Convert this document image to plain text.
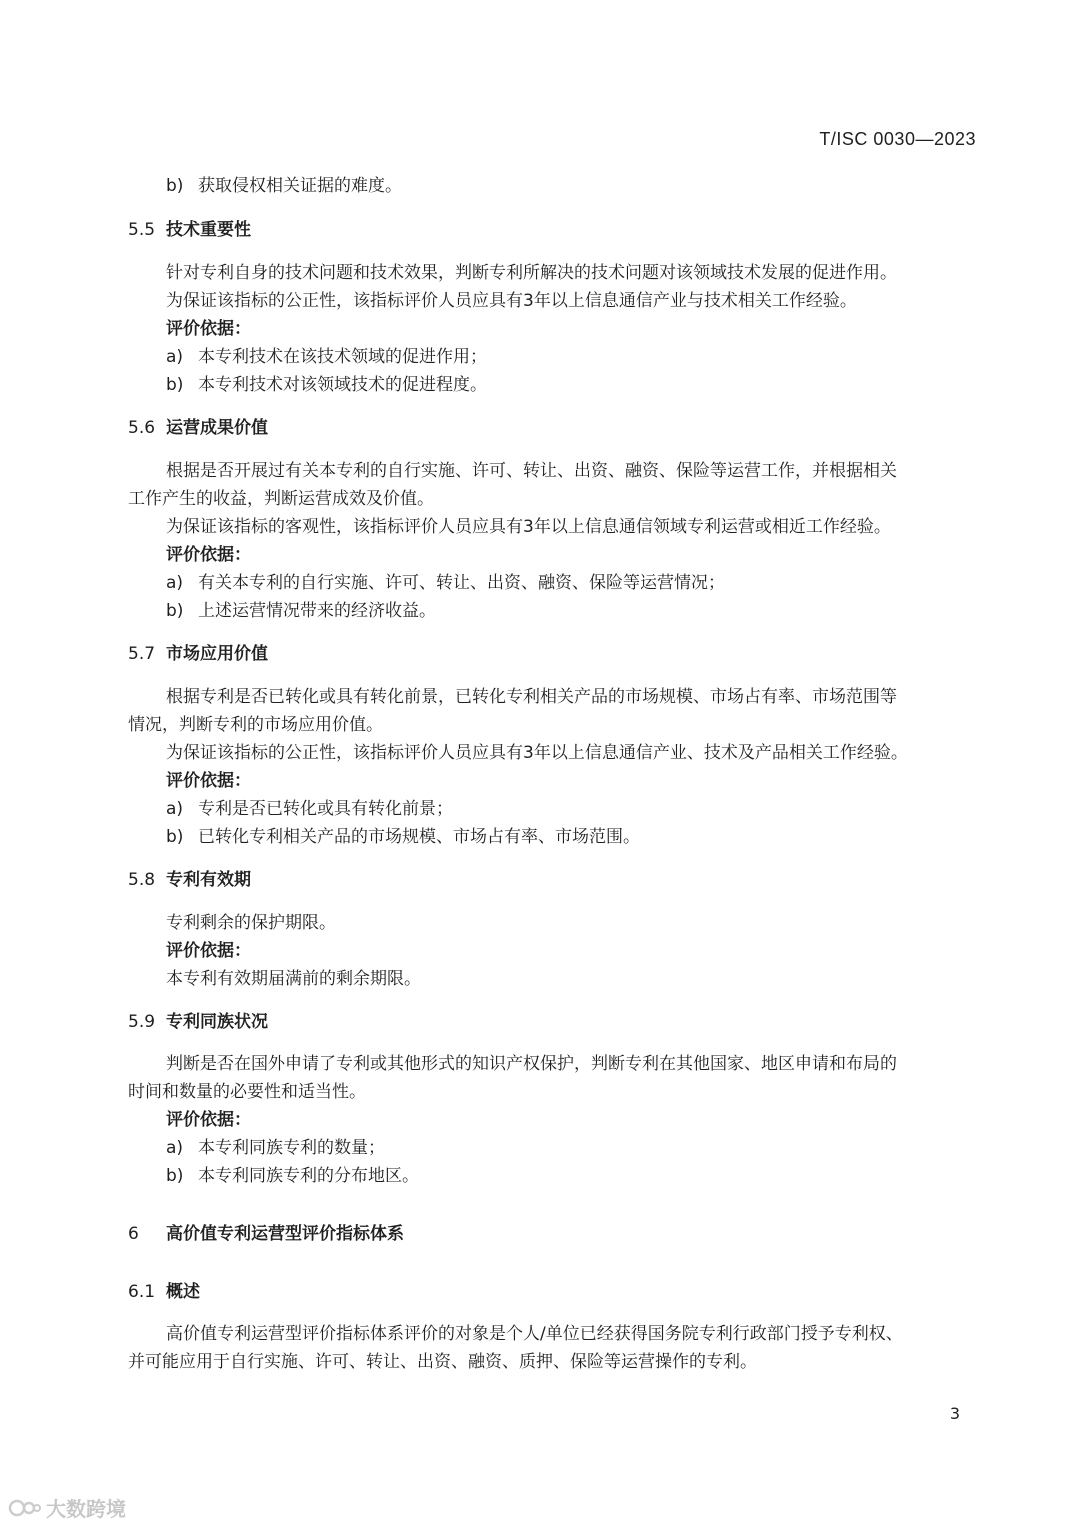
T/ISC 0030—2023
b) 获取侵权相关证据的难度。
5.5 技术重要性
针对专利自身的技术问题和技术效果，判断专利所解决的技术问题对该领域技术发展的促进作用。
为保证该指标的公正性，该指标评价人员应具有3年以上信息通信产业与技术相关工作经验。
评价依据：
a) 本专利技术在该技术领域的促进作用；
b) 本专利技术对该领域技术的促进程度。
5.6 运营成果价值
根据是否开展过有关本专利的自行实施、许可、转让、出资、融资、保险等运营工作，并根据相关
工作产生的收益，判断运营成效及价值。
为保证该指标的客观性，该指标评价人员应具有3年以上信息通信领域专利运营或相近工作经验。
评价依据：
a) 有关本专利的自行实施、许可、转让、出资、融资、保险等运营情况；
b) 上述运营情况带来的经济收益。
5.7 市场应用价值
根据专利是否已转化或具有转化前景，已转化专利相关产品的市场规模、市场占有率、市场范围等
情况，判断专利的市场应用价值。
为保证该指标的公正性，该指标评价人员应具有3年以上信息通信产业、技术及产品相关工作经验。
评价依据：
a) 专利是否已转化或具有转化前景；
b) 已转化专利相关产品的市场规模、市场占有率、市场范围。
5.8 专利有效期
专利剩余的保护期限。
评价依据：
本专利有效期届满前的剩余期限。
5.9 专利同族状况
判断是否在国外申请了专利或其他形式的知识产权保护，判断专利在其他国家、地区申请和布局的
时间和数量的必要性和适当性。
评价依据：
a) 本专利同族专利的数量；
b) 本专利同族专利的分布地区。
6 高价值专利运营型评价指标体系
6.1 概述
高价值专利运营型评价指标体系评价的对象是个人/单位已经获得国务院专利行政部门授予专利权、
并可能应用于自行实施、许可、转让、出资、融资、质押、保险等运营操作的专利。
3
大数跨境
